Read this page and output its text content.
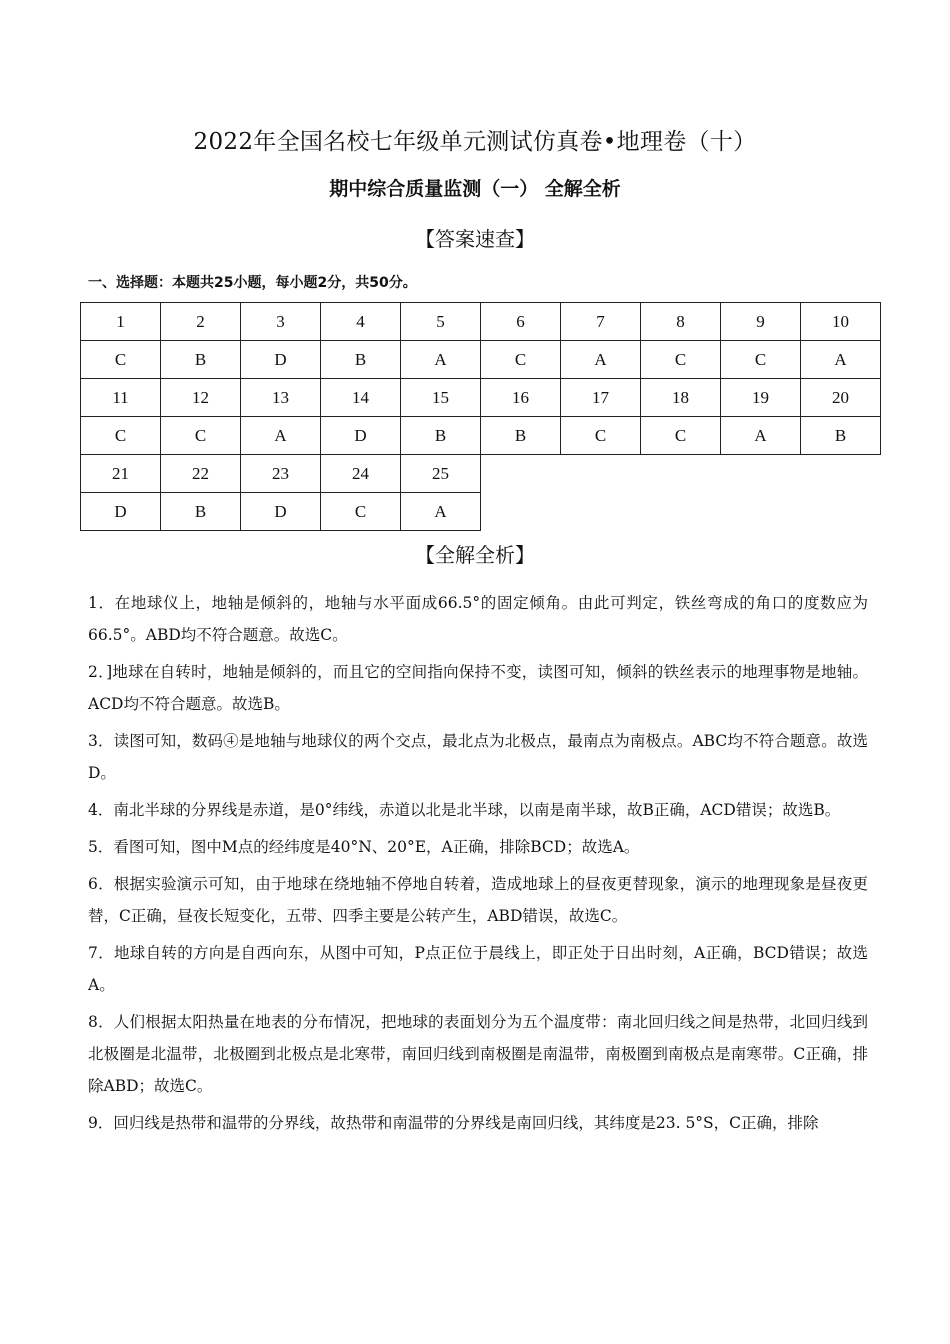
2022年全国名校七年级单元测试仿真卷•地理卷（十）
期中综合质量监测（一） 全解全析
【答案速查】
一、选择题：本题共25小题，每小题2分，共50分。
1	2	3	4	5	6	7	8	9	10
C	B	D	B	A	C	A	C	C	A
11	12	13	14	15	16	17	18	19	20
C	C	A	D	B	B	C	C	A	B
21	22	23	24	25					
D	B	D	C	A					
【全解全析】

1．在地球仪上，地轴是倾斜的，地轴与水平面成66.5°的固定倾角。由此可判定，铁丝弯成的角口的度数应为66.5°。ABD均不符合题意。故选C。

2．]地球在自转时，地轴是倾斜的，而且它的空间指向保持不变，读图可知，倾斜的铁丝表示的地理事物是地轴。ACD均不符合题意。故选B。

3．读图可知，数码④是地轴与地球仪的两个交点，最北点为北极点，最南点为南极点。ABC均不符合题意。故选D。

4．南北半球的分界线是赤道，是0°纬线，赤道以北是北半球，以南是南半球，故B正确，ACD错误；故选B。

5．看图可知，图中M点的经纬度是40°N、20°E，A正确，排除BCD；故选A。

6．根据实验演示可知，由于地球在绕地轴不停地自转着，造成地球上的昼夜更替现象，演示的地理现象是昼夜更替，C正确，昼夜长短变化，五带、四季主要是公转产生，ABD错误，故选C。

7．地球自转的方向是自西向东，从图中可知，P点正位于晨线上，即正处于日出时刻，A正确，BCD错误；故选A。

8．人们根据太阳热量在地表的分布情况，把地球的表面划分为五个温度带：南北回归线之间是热带，北回归线到北极圈是北温带，北极圈到北极点是北寒带，南回归线到南极圈是南温带，南极圈到南极点是南寒带。C正确，排除ABD；故选C。

9．回归线是热带和温带的分界线，故热带和南温带的分界线是南回归线，其纬度是23. 5°S，C正确，排除
